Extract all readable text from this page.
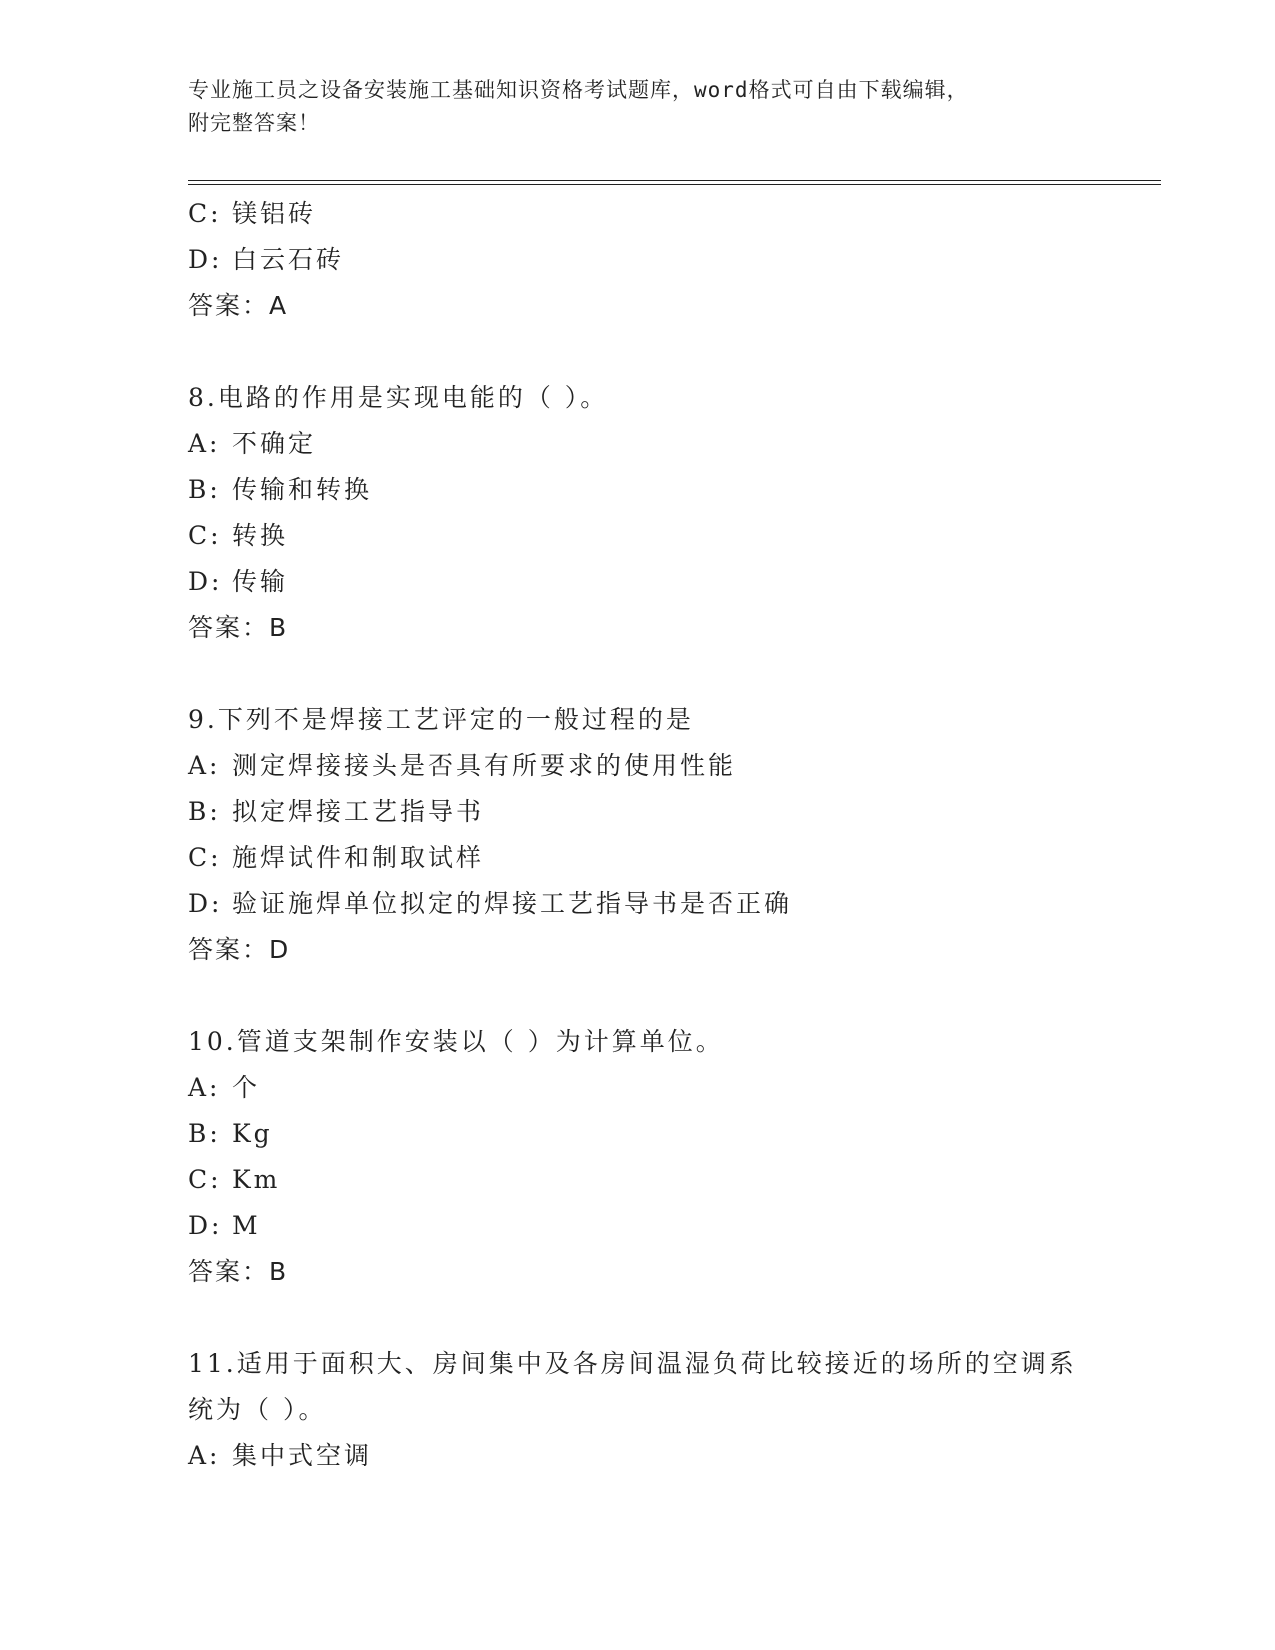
专业施工员之设备安装施工基础知识资格考试题库，word格式可自由下载编辑，
附完整答案！
C: 镁铝砖
D: 白云石砖
答案：A
8.电路的作用是实现电能的（ ）。
A: 不确定
B: 传输和转换
C: 转换
D: 传输
答案：B
9.下列不是焊接工艺评定的一般过程的是
A: 测定焊接接头是否具有所要求的使用性能
B: 拟定焊接工艺指导书
C: 施焊试件和制取试样
D: 验证施焊单位拟定的焊接工艺指导书是否正确
答案：D
10.管道支架制作安装以（ ）为计算单位。
A: 个
B: Kg
C: Km
D: M
答案：B
11.适用于面积大、房间集中及各房间温湿负荷比较接近的场所的空调系统为（ ）。
A: 集中式空调
